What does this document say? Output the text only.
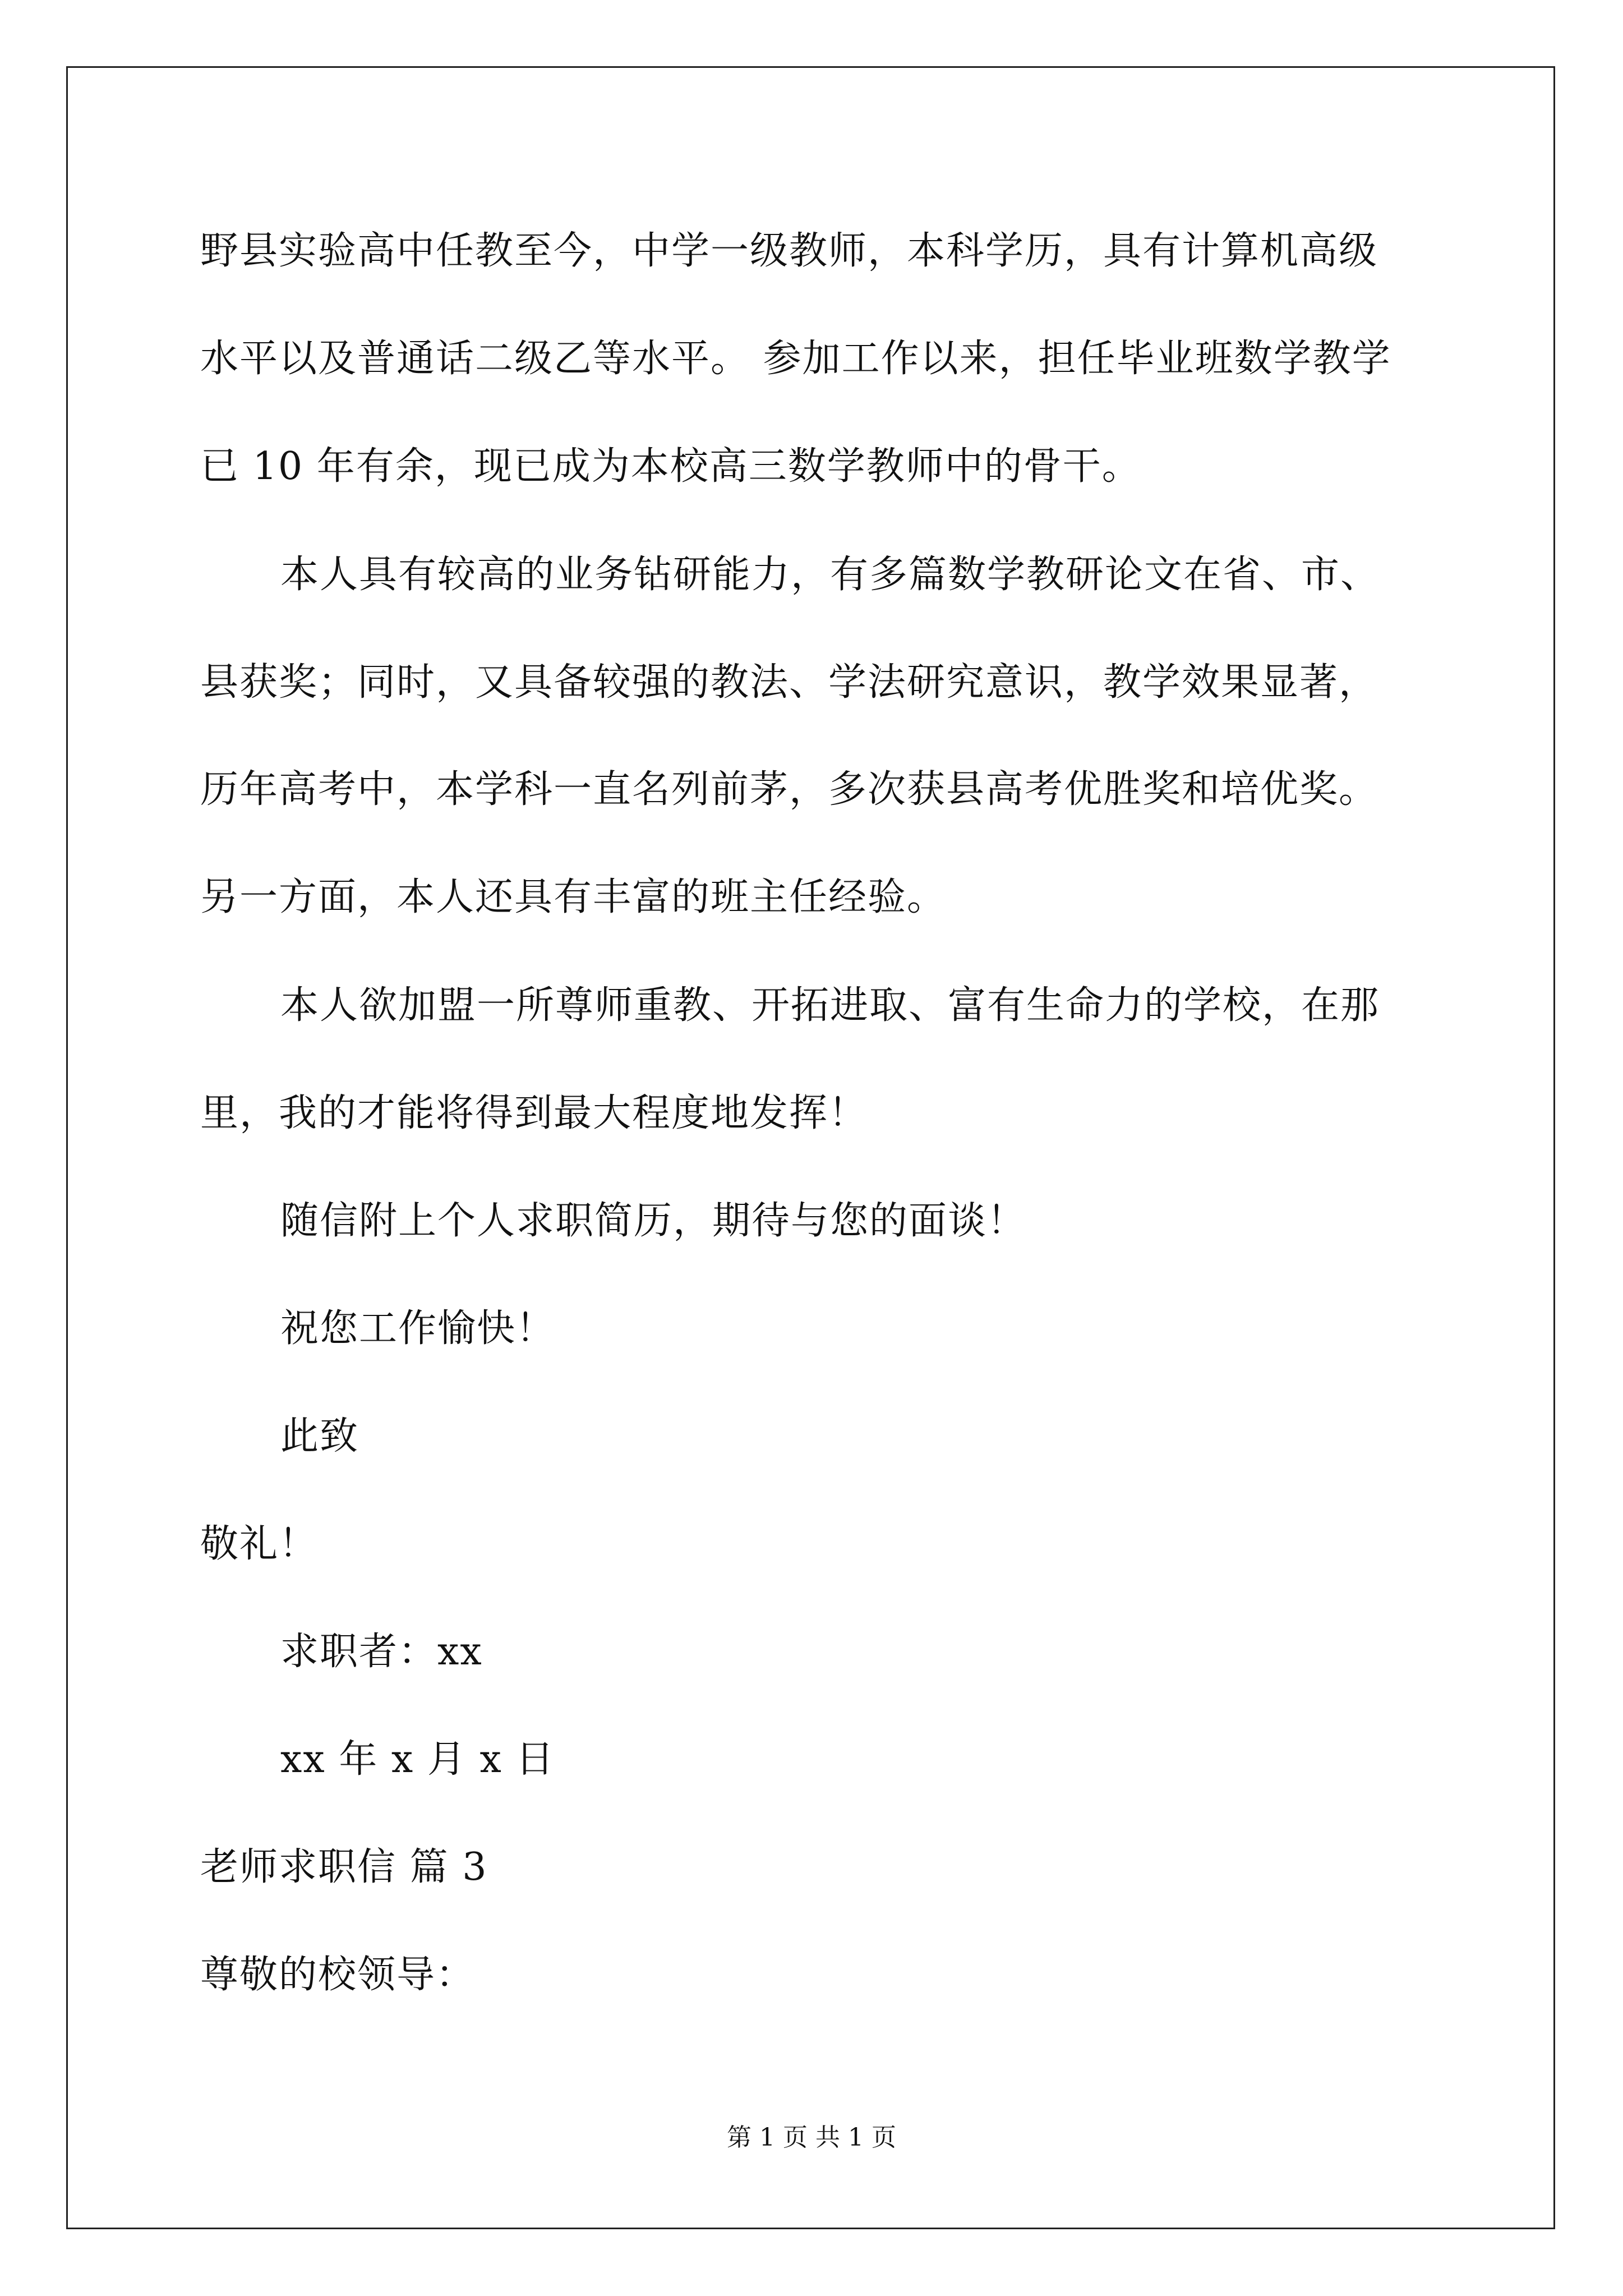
野县实验高中任教至今，中学一级教师，本科学历，具有计算机高级
水平以及普通话二级乙等水平。 参加工作以来，担任毕业班数学教学
已 10 年有余，现已成为本校高三数学教师中的骨干。
本人具有较高的业务钻研能力，有多篇数学教研论文在省、市、
县获奖；同时，又具备较强的教法、学法研究意识，教学效果显著，
历年高考中，本学科一直名列前茅，多次获县高考优胜奖和培优奖。
另一方面，本人还具有丰富的班主任经验。
本人欲加盟一所尊师重教、开拓进取、富有生命力的学校，在那
里，我的才能将得到最大程度地发挥！
随信附上个人求职简历，期待与您的面谈！
祝您工作愉快！
此致
敬礼！
求职者：xx
xx 年 x 月 x 日
老师求职信 篇 3
尊敬的校领导：
第 1 页 共 1 页
